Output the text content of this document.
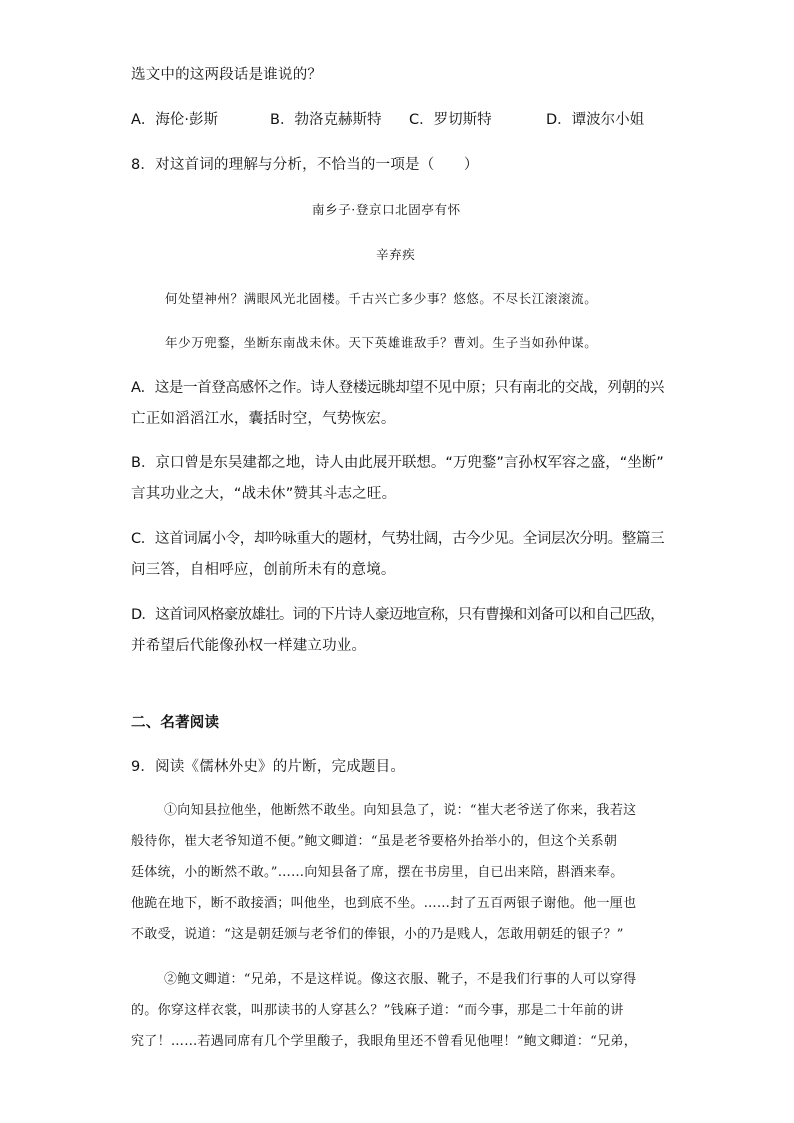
选文中的这两段话是谁说的？
A．海伦·彭斯	B．勃洛克赫斯特 C．罗切斯特	D．谭波尔小姐
8．对这首词的理解与分析，不恰当的一项是（　　）
南乡子·登京口北固亭有怀
辛弃疾
何处望神州？满眼风光北固楼。千古兴亡多少事？悠悠。不尽长江滚滚流。
年少万兜鍪，坐断东南战未休。天下英雄谁敌手？曹刘。生子当如孙仲谋。
A．这是一首登高感怀之作。诗人登楼远眺却望不见中原；只有南北的交战，列朝的兴
亡正如滔滔江水，囊括时空，气势恢宏。
B．京口曾是东吴建都之地，诗人由此展开联想。“万兜鍪”言孙权军容之盛，“坐断”
言其功业之大，“战未休”赞其斗志之旺。
C．这首词属小令，却吟咏重大的题材，气势壮阔，古今少见。全词层次分明。整篇三
问三答，自相呼应，创前所未有的意境。
D．这首词风格豪放雄壮。词的下片诗人豪迈地宣称，只有曹操和刘备可以和自己匹敌，
并希望后代能像孙权一样建立功业。
二、名著阅读
9．阅读《儒林外史》的片断，完成题目。
①向知县拉他坐，他断然不敢坐。向知县急了，说：“崔大老爷送了你来，我若这
般待你，崔大老爷知道不便。”鲍文卿道：“虽是老爷要格外抬举小的，但这个关系朝
廷体统，小的断然不敢。”……向知县备了席，摆在书房里，自已出来陪，斟酒来奉。
他跪在地下，断不敢接酒；叫他坐，也到底不坐。……封了五百两银子谢他。他一厘也
不敢受，说道：“这是朝廷颁与老爷们的俸银，小的乃是贱人，怎敢用朝廷的银子？”
②鲍文卿道：“兄弟，不是这样说。像这衣服、靴子，不是我们行事的人可以穿得
的。你穿这样衣裳，叫那读书的人穿甚么？”钱麻子道：“而今事，那是二十年前的讲
究了！……若遇同席有几个学里酸子，我眼角里还不曾看见他哩！”鲍文卿道：“兄弟，
